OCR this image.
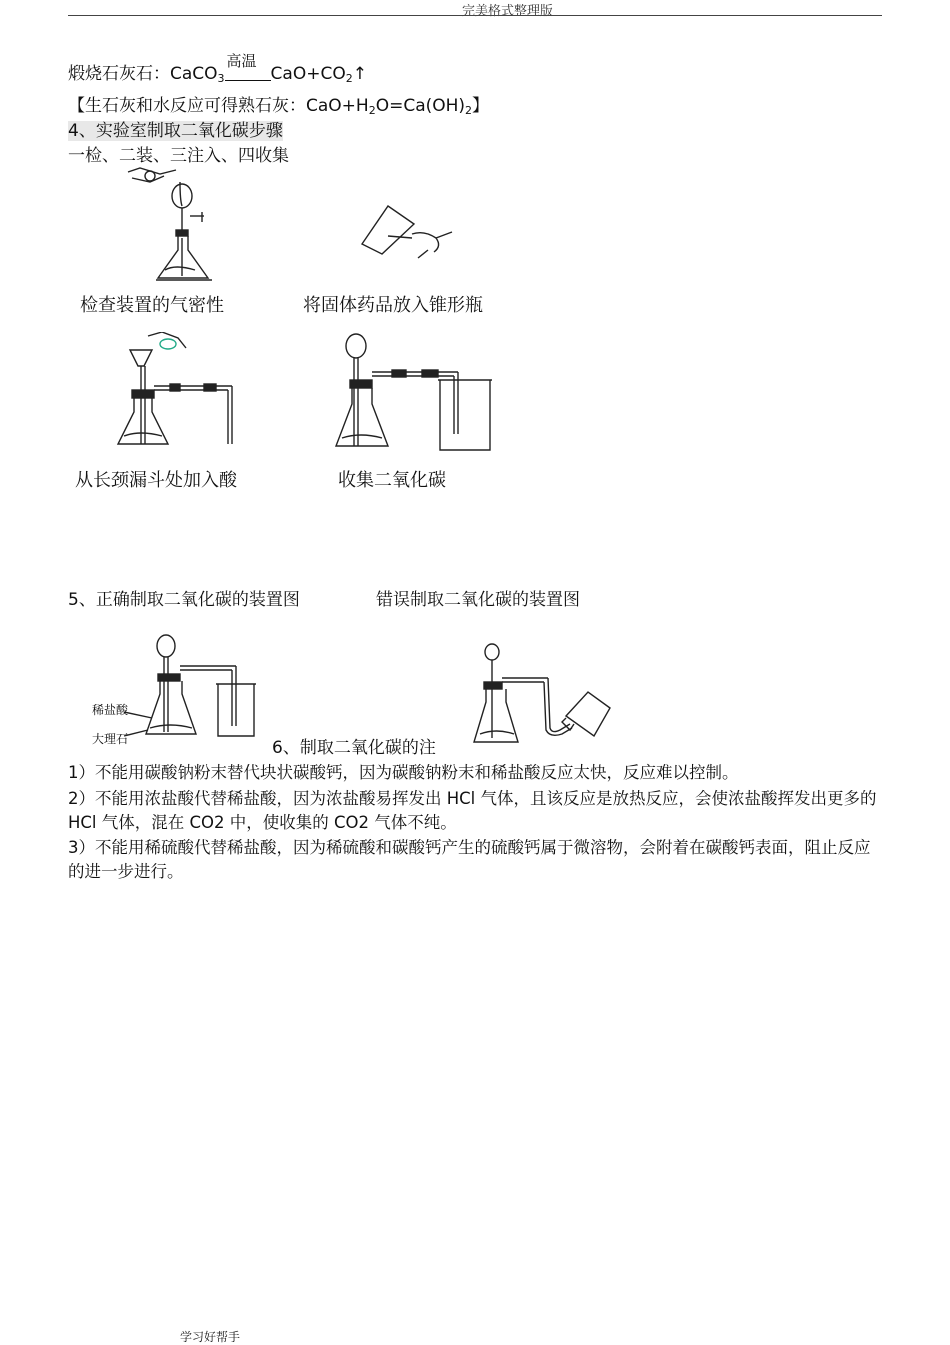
完美格式整理版
煅烧石灰石：CaCO$_3$
高温
$CaO+CO_2↑$
【生石灰和水反应可得熟石灰：$CaO+H_2O=Ca(OH)_2$】
4、实验室制取二氧化碳步骤
一检、二装、三注入、四收集
检查装置的气密性	将固体药品放入锥形瓶
从长颈漏斗处加入酸	收集二氧化碳
5、正确制取二氧化碳的装置图	错误制取二氧化碳的装置图
稀盐酸
大理石	6、制取二氧化碳的注
1）不能用碳酸钠粉末替代块状碳酸钙，因为碳酸钠粉末和稀盐酸反应太快，反应难以控制。
2）不能用浓盐酸代替稀盐酸，因为浓盐酸易挥发出 HCl 气体，且该反应是放热反应，会使浓盐酸挥发出更多的 HCl 气体，混在 CO2 中，使收集的 CO2 气体不纯。
3）不能用稀硫酸代替稀盐酸，因为稀硫酸和碳酸钙产生的硫酸钙属于微溶物，会附着在碳酸钙表面，阻止反应的进一步进行。
学习好帮手
